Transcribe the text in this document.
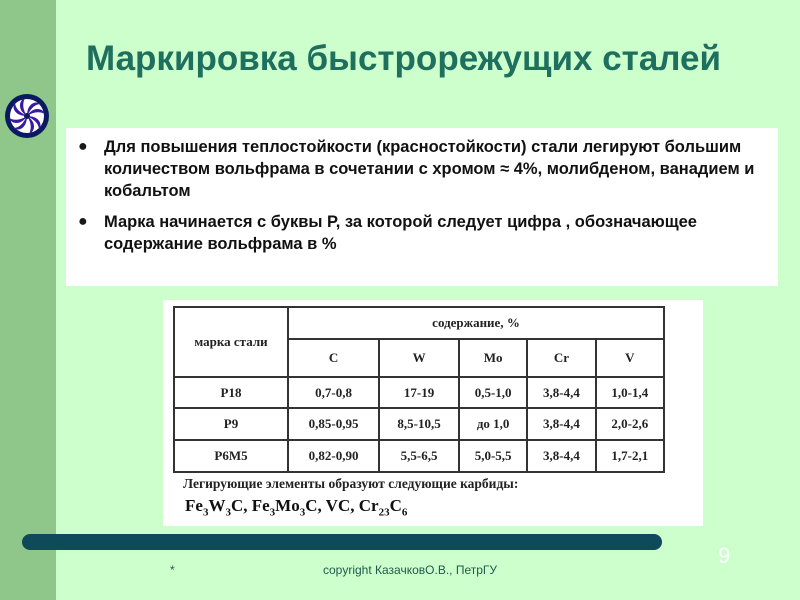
Маркировка быстрорежущих сталей
● Для повышения теплостойкости (красностойкости) стали легируют большим количеством вольфрама в сочетании с хромом ≈ 4%, молибденом, ванадием и кобальтом
● Марка начинается с буквы Р, за которой следует цифра , обозначающее содержание вольфрама в %
марка стали	содержание, %				
	C	W	Mo	Cr	V
Р18	0,7-0,8	17-19	0,5-1,0	3,8-4,4	1,0-1,4
Р9	0,85-0,95	8,5-10,5	до 1,0	3,8-4,4	2,0-2,6
Р6М5	0,82-0,90	5,5-6,5	5,0-5,5	3,8-4,4	1,7-2,1
Легирующие элементы образуют следующие карбиды:
$Fe_3W_3C$, $Fe_3Mo_3C$, VC, $Cr_{23}C_6$
*	copyright КазачковО.В., ПетрГУ
9
